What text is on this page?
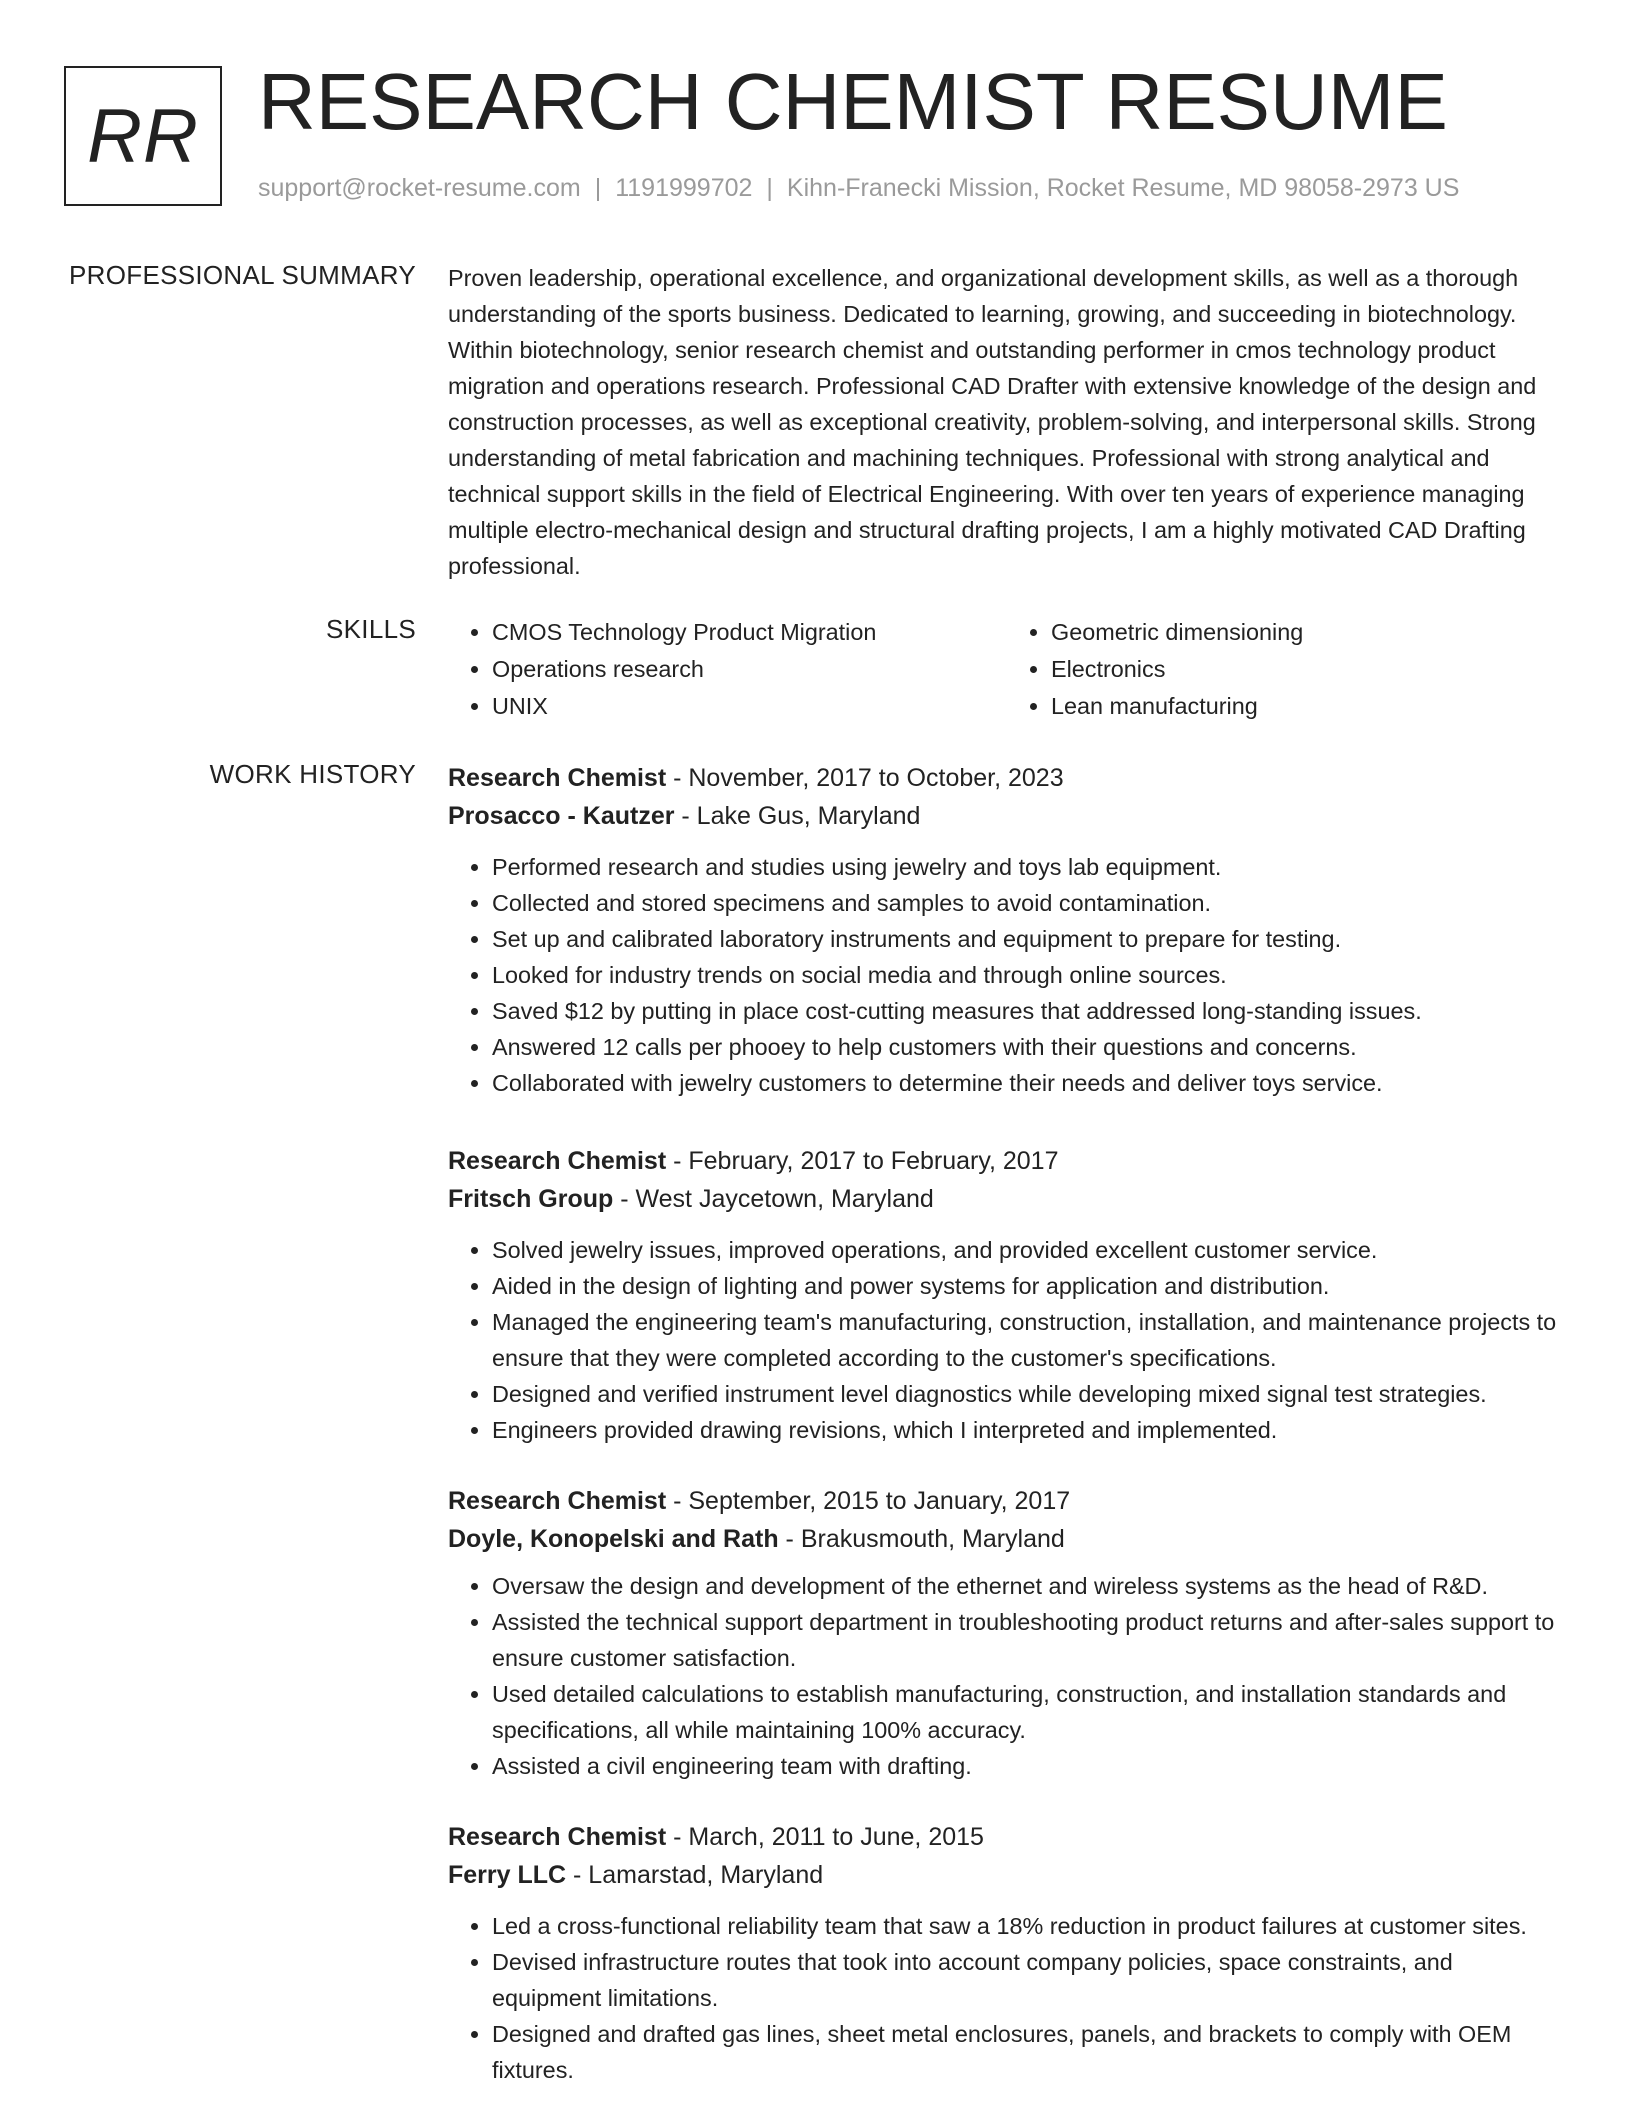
RR RESEARCH CHEMIST RESUME
support@rocket-resume.com | 1191999702 | Kihn-Franecki Mission, Rocket Resume, MD 98058-2973 US
PROFESSIONAL SUMMARY Proven leadership, operational excellence, and organizational development skills, as well as a thorough understanding of the sports business. Dedicated to learning, growing, and succeeding in biotechnology. Within biotechnology, senior research chemist and outstanding performer in cmos technology product migration and operations research. Professional CAD Drafter with extensive knowledge of the design and construction processes, as well as exceptional creativity, problem-solving, and interpersonal skills. Strong understanding of metal fabrication and machining techniques. Professional with strong analytical and technical support skills in the field of Electrical Engineering. With over ten years of experience managing multiple electro-mechanical design and structural drafting projects, I am a highly motivated CAD Drafting professional.

SKILLS
•	CMOS Technology Product Migration
• Operations research
• UNIX
• Geometric dimensioning
• Electronics
• Lean manufacturing
WORK HISTORY Research Chemist - November, 2017 to October, 2023
Prosacco - Kautzer - Lake Gus, Maryland
• Performed research and studies using jewelry and toys lab equipment.
• Collected and stored specimens and samples to avoid contamination.
• Set up and calibrated laboratory instruments and equipment to prepare for testing.
• Looked for industry trends on social media and through online sources.
• Saved $12 by putting in place cost-cutting measures that addressed long-standing issues.
• Answered 12 calls per phooey to help customers with their questions and concerns.
• Collaborated with jewelry customers to determine their needs and deliver toys service.
Research Chemist - February, 2017 to February, 2017
Fritsch Group - West Jaycetown, Maryland
• Solved jewelry issues, improved operations, and provided excellent customer service.
• Aided in the design of lighting and power systems for application and distribution.
• Managed the engineering team's manufacturing, construction, installation, and maintenance projects to ensure that they were completed according to the customer's specifications.
• Designed and verified instrument level diagnostics while developing mixed signal test strategies.
• Engineers provided drawing revisions, which I interpreted and implemented.
Research Chemist - September, 2015 to January, 2017
Doyle, Konopelski and Rath - Brakusmouth, Maryland
• Oversaw the design and development of the ethernet and wireless systems as the head of R&D.
• Assisted the technical support department in troubleshooting product returns and after-sales support to ensure customer satisfaction.
• Used detailed calculations to establish manufacturing, construction, and installation standards and specifications, all while maintaining 100% accuracy.
• Assisted a civil engineering team with drafting.
Research Chemist - March, 2011 to June, 2015
Ferry LLC - Lamarstad, Maryland
• Led a cross-functional reliability team that saw a 18% reduction in product failures at customer sites.
• Devised infrastructure routes that took into account company policies, space constraints, and equipment limitations.
• Designed and drafted gas lines, sheet metal enclosures, panels, and brackets to comply with OEM fixtures.
